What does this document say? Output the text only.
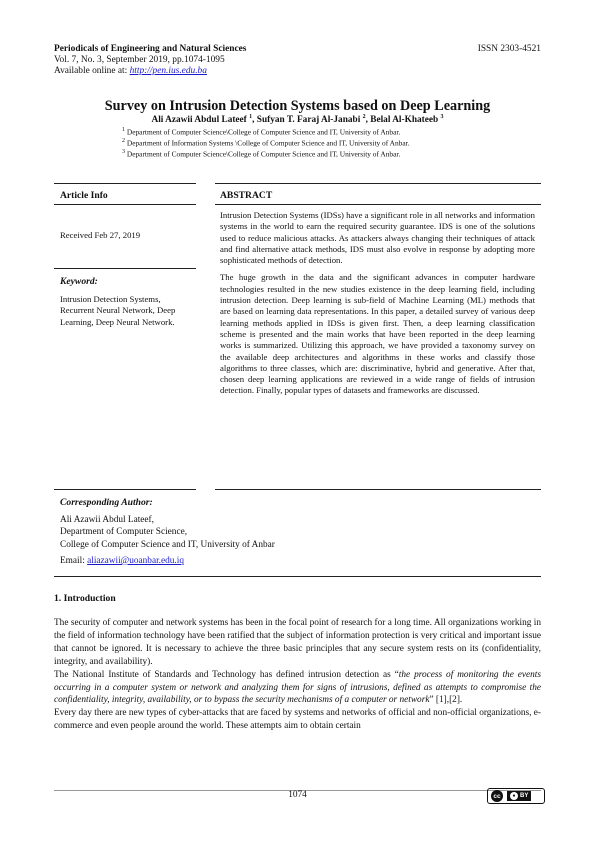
Periodicals of Engineering and Natural Sciences
Vol. 7, No. 3, September 2019, pp.1074-1095
Available online at: http://pen.ius.edu.ba
ISSN 2303-4521
Survey on Intrusion Detection Systems based on Deep Learning
Ali Azawii Abdul Lateef $^1$, Sufyan T. Faraj Al-Janabi $^2$, Belal Al-Khateeb $^3$
$^1$ Department of Computer Science\College of Computer Science and IT, University of Anbar.
$^2$ Department of Information Systems \College of Computer Science and IT, University of Anbar.
$^3$ Department of Computer Science\College of Computer Science and IT, University of Anbar.
Article Info
Received Feb 27, 2019
Keyword:
Intrusion Detection Systems, Recurrent Neural Network, Deep Learning, Deep Neural Network.
ABSTRACT

Intrusion Detection Systems (IDSs) have a significant role in all networks and information systems in the world to earn the required security guarantee. IDS is one of the solutions used to reduce malicious attacks. As attackers always changing their techniques of attack and find alternative attack methods, IDS must also evolve in response by adopting more sophisticated methods of detection.

The huge growth in the data and the significant advances in computer hardware technologies resulted in the new studies existence in the deep learning field, including intrusion detection. Deep learning is sub-field of Machine Learning (ML) methods that are based on learning data representations. In this paper, a detailed survey of various deep learning methods applied in IDSs is given first. Then, a deep learning classification scheme is presented and the main works that have been reported in the deep learning works is summarized. Utilizing this approach, we have provided a taxonomy survey on the available deep architectures and algorithms in these works and classify those algorithms to three classes, which are: discriminative, hybrid and generative. After that, chosen deep learning applications are reviewed in a wide range of fields of intrusion detection. Finally, popular types of datasets and frameworks are discussed.

Corresponding Author:
Ali Azawii Abdul Lateef,
Department of Computer Science,
College of Computer Science and IT, University of Anbar
Email: aliazawii@uoanbar.edu.iq
1. Introduction

The security of computer and network systems has been in the focal point of research for a long time. All organizations working in the field of information technology have been ratified that the subject of information protection is very critical and important issue that cannot be ignored. It is necessary to achieve the three basic principles that any secure system rests on its (confidentiality, integrity, and availability).

The National Institute of Standards and Technology has defined intrusion detection as “the process of monitoring the events occurring in a computer system or network and analyzing them for signs of intrusions, defined as attempts to compromise the confidentiality, integrity, availability, or to bypass the security mechanisms of a computer or network” [1],[2].

Every day there are new types of cyber-attacks that are faced by systems and networks of official and non-official organizations, e-commerce and even people around the world. These attempts aim to obtain certain

1074	cc	● BY
